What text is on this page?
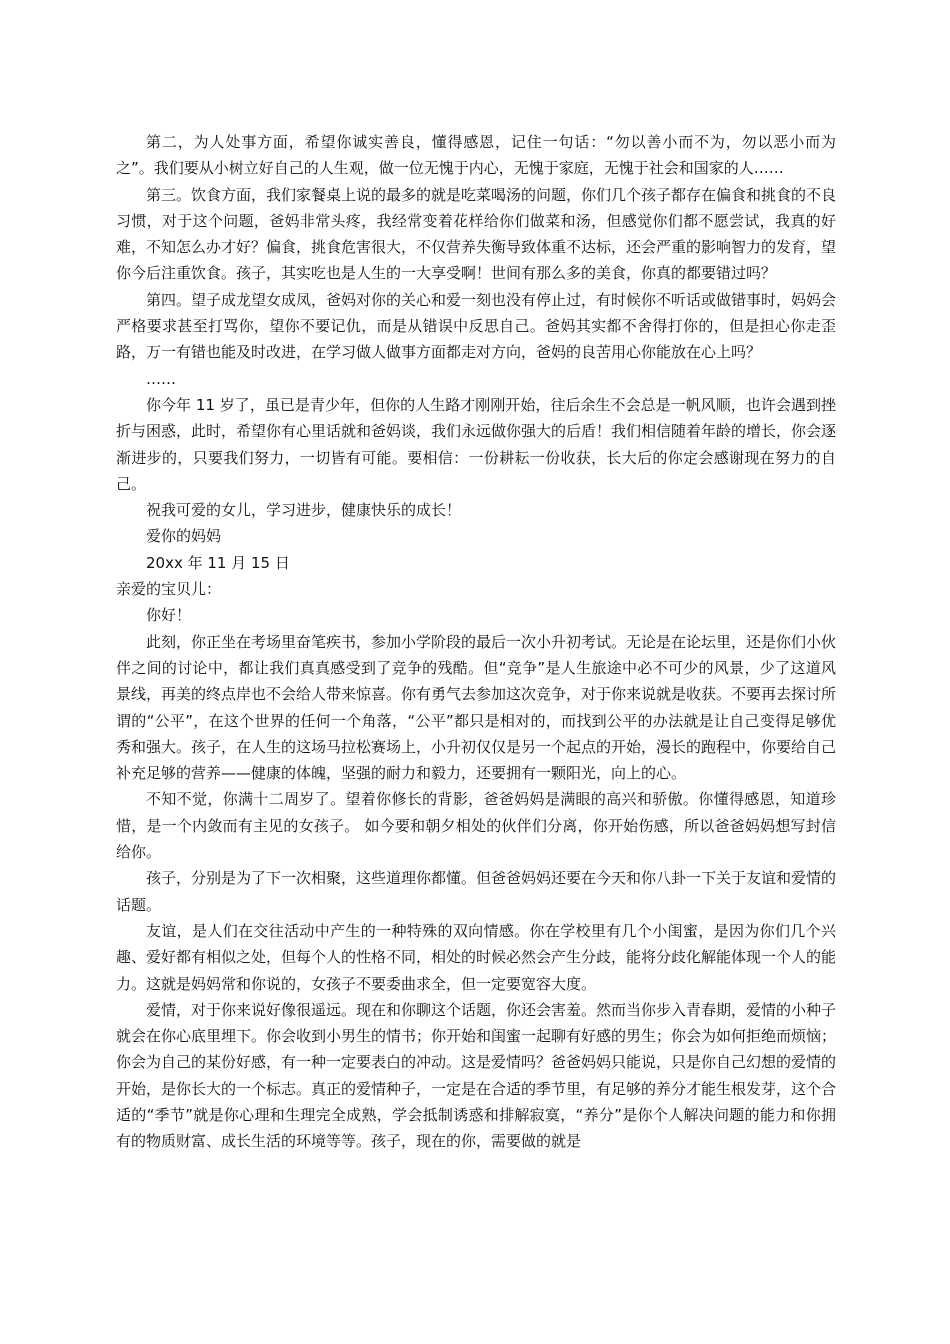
第二，为人处事方面，希望你诚实善良，懂得感恩，记住一句话：“勿以善小而不为，勿以恶小而为之”。我们要从小树立好自己的人生观，做一位无愧于内心，无愧于家庭，无愧于社会和国家的人……

第三。饮食方面，我们家餐桌上说的最多的就是吃菜喝汤的问题，你们几个孩子都存在偏食和挑食的不良习惯，对于这个问题，爸妈非常头疼，我经常变着花样给你们做菜和汤，但感觉你们都不愿尝试，我真的好难，不知怎么办才好？偏食，挑食危害很大，不仅营养失衡导致体重不达标，还会严重的影响智力的发育，望你今后注重饮食。孩子，其实吃也是人生的一大享受啊！世间有那么多的美食，你真的都要错过吗？

第四。望子成龙望女成凤，爸妈对你的关心和爱一刻也没有停止过，有时候你不听话或做错事时，妈妈会严格要求甚至打骂你，望你不要记仇，而是从错误中反思自己。爸妈其实都不舍得打你的，但是担心你走歪路，万一有错也能及时改进，在学习做人做事方面都走对方向，爸妈的良苦用心你能放在心上吗？

……

你今年 11 岁了，虽已是青少年，但你的人生路才刚刚开始，往后余生不会总是一帆风顺，也许会遇到挫折与困惑，此时，希望你有心里话就和爸妈谈，我们永远做你强大的后盾！我们相信随着年龄的增长，你会逐渐进步的，只要我们努力，一切皆有可能。要相信：一份耕耘一份收获，长大后的你定会感谢现在努力的自己。

祝我可爱的女儿，学习进步，健康快乐的成长！

爱你的妈妈

20xx 年 11 月 15 日

亲爱的宝贝儿：

你好！

此刻，你正坐在考场里奋笔疾书，参加小学阶段的最后一次小升初考试。无论是在论坛里，还是你们小伙伴之间的讨论中，都让我们真真感受到了竞争的残酷。但“竞争”是人生旅途中必不可少的风景，少了这道风景线，再美的终点岸也不会给人带来惊喜。你有勇气去参加这次竞争，对于你来说就是收获。不要再去探讨所谓的“公平”，在这个世界的任何一个角落，“公平”都只是相对的，而找到公平的办法就是让自己变得足够优秀和强大。孩子，在人生的这场马拉松赛场上，小升初仅仅是另一个起点的开始，漫长的跑程中，你要给自己补充足够的营养——健康的体魄，坚强的耐力和毅力，还要拥有一颗阳光，向上的心。

不知不觉，你满十二周岁了。望着你修长的背影，爸爸妈妈是满眼的高兴和骄傲。你懂得感恩，知道珍惜，是一个内敛而有主见的女孩子。 如今要和朝夕相处的伙伴们分离，你开始伤感，所以爸爸妈妈想写封信给你。

孩子，分别是为了下一次相聚，这些道理你都懂。但爸爸妈妈还要在今天和你八卦一下关于友谊和爱情的话题。

友谊，是人们在交往活动中产生的一种特殊的双向情感。你在学校里有几个小闺蜜，是因为你们几个兴趣、爱好都有相似之处，但每个人的性格不同，相处的时候必然会产生分歧，能将分歧化解能体现一个人的能力。这就是妈妈常和你说的，女孩子不要委曲求全，但一定要宽容大度。

爱情，对于你来说好像很遥远。现在和你聊这个话题，你还会害羞。然而当你步入青春期，爱情的小种子就会在你心底里埋下。你会收到小男生的情书；你开始和闺蜜一起聊有好感的男生；你会为如何拒绝而烦恼；你会为自己的某份好感，有一种一定要表白的冲动。这是爱情吗？爸爸妈妈只能说，只是你自己幻想的爱情的开始，是你长大的一个标志。真正的爱情种子，一定是在合适的季节里，有足够的养分才能生根发芽，这个合适的“季节”就是你心理和生理完全成熟，学会抵制诱惑和排解寂寞，“养分”是你个人解决问题的能力和你拥有的物质财富、成长生活的环境等等。孩子，现在的你，需要做的就是
